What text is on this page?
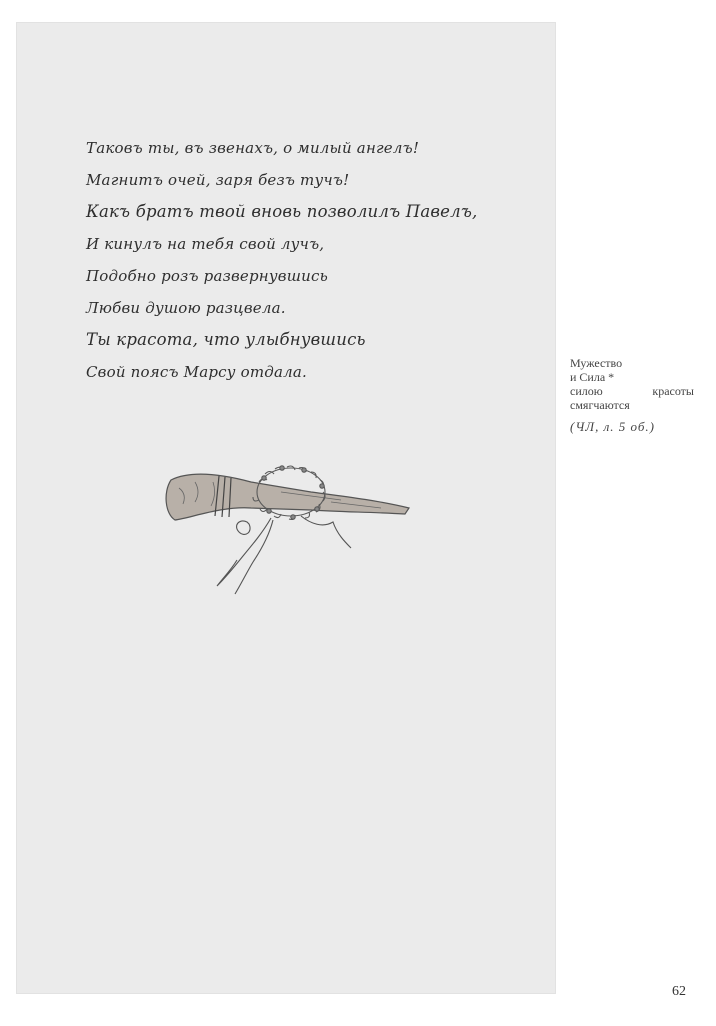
Таковъ ты, въ звенахъ, о милый ангелъ!
Магнитъ очей, заря безъ тучъ!
Какъ братъ твой вновь позволилъ Павелъ,
И кинулъ на тебя свой лучъ,
Подобно розъ развернувшись
Любви душою разцвела.
Ты красота, что улыбнувшись
Свой поясъ Марсу отдала.	Мужество
и Сила *
силою красоты
смягчаются
(ЧЛ, л. 5 об.)
62
